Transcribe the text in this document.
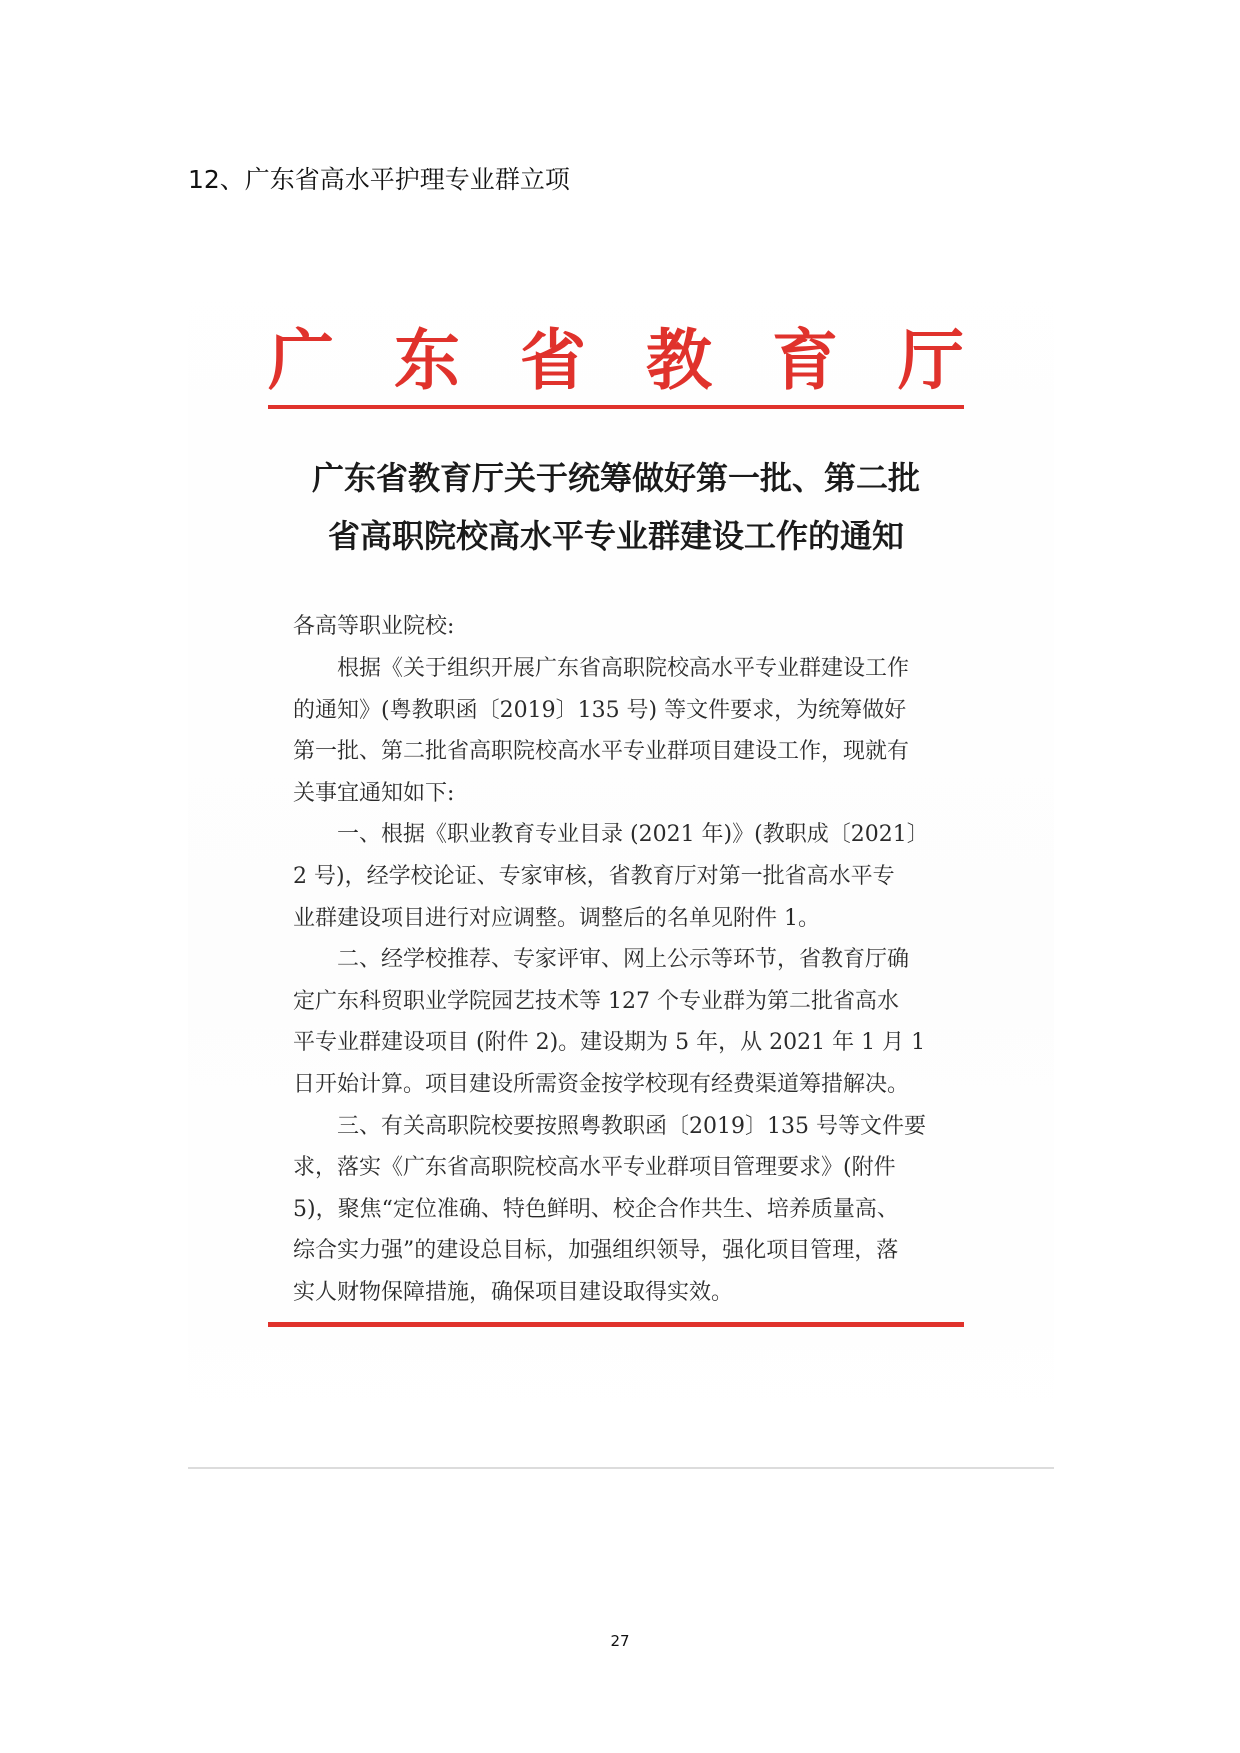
12、广东省高水平护理专业群立项
广 东 省 教 育 厅
广东省教育厅关于统筹做好第一批、第二批
省高职院校高水平专业群建设工作的通知
各高等职业院校:

根据《关于组织开展广东省高职院校高水平专业群建设工作

的通知》(粤教职函〔2019〕135 号) 等文件要求，为统筹做好

第一批、第二批省高职院校高水平专业群项目建设工作，现就有

关事宜通知如下:

一、根据《职业教育专业目录 (2021 年)》(教职成〔2021〕

2 号)，经学校论证、专家审核，省教育厅对第一批省高水平专

业群建设项目进行对应调整。调整后的名单见附件 1。

二、经学校推荐、专家评审、网上公示等环节，省教育厅确

定广东科贸职业学院园艺技术等 127 个专业群为第二批省高水

平专业群建设项目 (附件 2)。建设期为 5 年，从 2021 年 1 月 1

日开始计算。项目建设所需资金按学校现有经费渠道筹措解决。

三、有关高职院校要按照粤教职函〔2019〕135 号等文件要

求，落实《广东省高职院校高水平专业群项目管理要求》(附件

5)，聚焦“定位准确、特色鲜明、校企合作共生、培养质量高、

综合实力强”的建设总目标，加强组织领导，强化项目管理，落

实人财物保障措施，确保项目建设取得实效。

27
